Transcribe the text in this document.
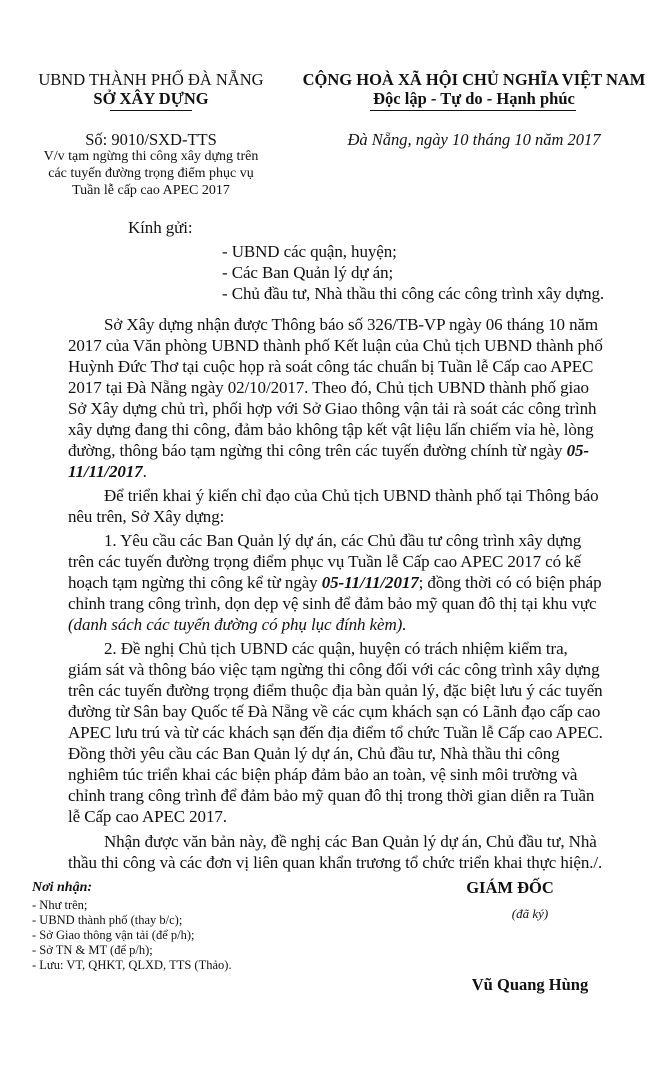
UBND THÀNH PHỐ ĐÀ NẴNG
SỞ XÂY DỰNG
Số: 9010/SXD-TTS
V/v tạm ngừng thi công xây dựng trên
các tuyến đường trọng điểm phục vụ
Tuần lễ cấp cao APEC 2017
CỘNG HOÀ XÃ HỘI CHỦ NGHĨA VIỆT NAM
Độc lập - Tự do - Hạnh phúc
Đà Nẵng, ngày 10 tháng 10 năm 2017
Kính gửi:
- UBND các quận, huyện;
- Các Ban Quản lý dự án;
- Chủ đầu tư, Nhà thầu thi công các công trình xây dựng.
Sở Xây dựng nhận được Thông báo số 326/TB-VP ngày 06 tháng 10 năm
2017 của Văn phòng UBND thành phố Kết luận của Chủ tịch UBND thành phố
Huỳnh Đức Thơ tại cuộc họp rà soát công tác chuẩn bị Tuần lễ Cấp cao APEC
2017 tại Đà Nẵng ngày 02/10/2017. Theo đó, Chủ tịch UBND thành phố giao
Sở Xây dựng chủ trì, phối hợp với Sở Giao thông vận tải rà soát các công trình
xây dựng đang thi công, đảm bảo không tập kết vật liệu lấn chiếm vỉa hè, lòng
đường, thông báo tạm ngừng thi công trên các tuyến đường chính từ ngày 05-
11/11/2017.
Để triển khai ý kiến chỉ đạo của Chủ tịch UBND thành phố tại Thông báo
nêu trên, Sở Xây dựng:
1. Yêu cầu các Ban Quản lý dự án, các Chủ đầu tư công trình xây dựng
trên các tuyến đường trọng điểm phục vụ Tuần lễ Cấp cao APEC 2017 có kế
hoạch tạm ngừng thi công kể từ ngày 05-11/11/2017; đồng thời có có biện pháp
chỉnh trang công trình, dọn dẹp vệ sinh để đảm bảo mỹ quan đô thị tại khu vực
(danh sách các tuyến đường có phụ lục đính kèm).
2. Đề nghị Chủ tịch UBND các quận, huyện có trách nhiệm kiểm tra,
giám sát và thông báo việc tạm ngừng thi công đối với các công trình xây dựng
trên các tuyến đường trọng điểm thuộc địa bàn quản lý, đặc biệt lưu ý các tuyến
đường từ Sân bay Quốc tế Đà Nẵng về các cụm khách sạn có Lãnh đạo cấp cao
APEC lưu trú và từ các khách sạn đến địa điểm tổ chức Tuần lễ Cấp cao APEC.
Đồng thời yêu cầu các Ban Quản lý dự án, Chủ đầu tư, Nhà thầu thi công
nghiêm túc triển khai các biện pháp đảm bảo an toàn, vệ sinh môi trường và
chỉnh trang công trình để đảm bảo mỹ quan đô thị trong thời gian diễn ra Tuần
lễ Cấp cao APEC 2017.
Nhận được văn bản này, đề nghị các Ban Quản lý dự án, Chủ đầu tư, Nhà
thầu thi công và các đơn vị liên quan khẩn trương tổ chức triển khai thực hiện./.
Nơi nhận:
- Như trên;
- UBND thành phố (thay b/c);
- Sở Giao thông vận tải (để p/h);
- Sở TN & MT (để p/h);
- Lưu: VT, QHKT, QLXD, TTS (Thảo).
GIÁM ĐỐC
(đã ký)
Vũ Quang Hùng
